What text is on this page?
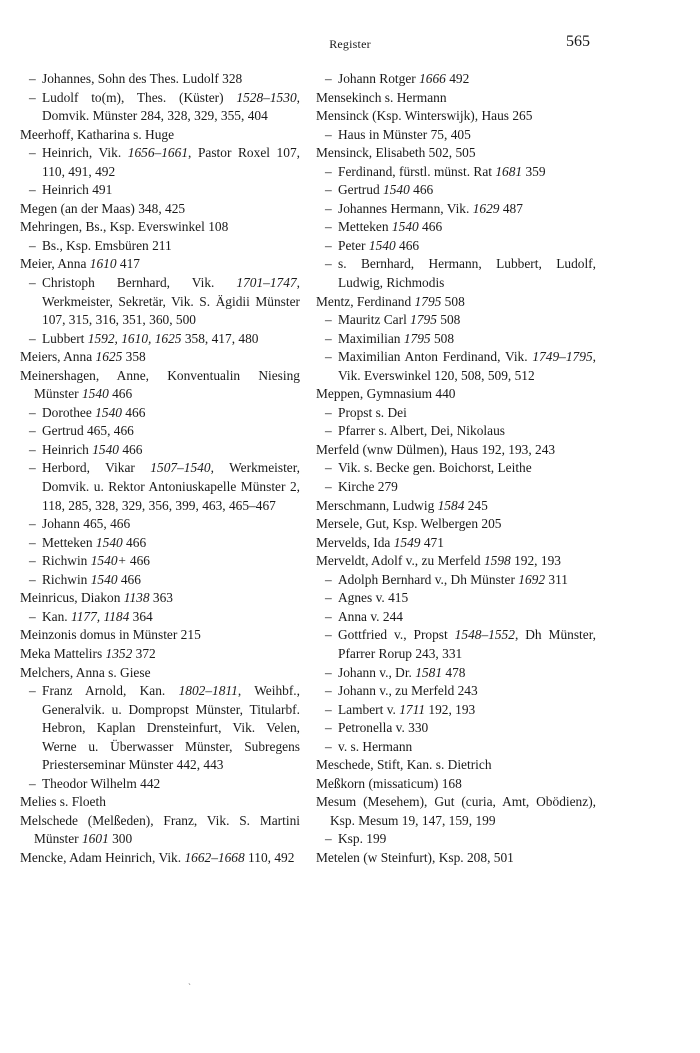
Register	565

– Johannes, Sohn des Thes. Ludolf 328

– Ludolf to(m), Thes. (Küster) 1528–1530, Domvik. Münster 284, 328, 329, 355, 404

Meerhoff, Katharina s. Huge

– Heinrich, Vik. 1656–1661, Pastor Roxel 107, 110, 491, 492

– Heinrich 491

Megen (an der Maas) 348, 425

Mehringen, Bs., Ksp. Everswinkel 108

– Bs., Ksp. Emsbüren 211

Meier, Anna 1610 417

– Christoph Bernhard, Vik. 1701–1747, Werkmeister, Sekretär, Vik. S. Ägidii Münster 107, 315, 316, 351, 360, 500

– Lubbert 1592, 1610, 1625 358, 417, 480

Meiers, Anna 1625 358

Meinershagen, Anne, Konventualin Niesing Münster 1540 466

– Dorothee 1540 466

– Gertrud 465, 466

– Heinrich 1540 466

– Herbord, Vikar 1507–1540, Werkmeister, Domvik. u. Rektor Antoniuskapelle Münster 2, 118, 285, 328, 329, 356, 399, 463, 465–467

– Johann 465, 466

– Metteken 1540 466

– Richwin 1540+ 466

– Richwin 1540 466

Meinricus, Diakon 1138 363

– Kan. 1177, 1184 364

Meinzonis domus in Münster 215

Meka Mattelirs 1352 372

Melchers, Anna s. Giese

– Franz Arnold, Kan. 1802–1811, Weihbf., Generalvik. u. Dompropst Münster, Titularbf. Hebron, Kaplan Drensteinfurt, Vik. Velen, Werne u. Überwasser Münster, Subregens Priesterseminar Münster 442, 443

– Theodor Wilhelm 442

Melies s. Floeth

Melschede (Melßeden), Franz, Vik. S. Martini Münster 1601 300

Mencke, Adam Heinrich, Vik. 1662–1668 110, 492

– Johann Rotger 1666 492

Mensekinch s. Hermann

Mensinck (Ksp. Winterswijk), Haus 265

– Haus in Münster 75, 405

Mensinck, Elisabeth 502, 505

– Ferdinand, fürstl. münst. Rat 1681 359

– Gertrud 1540 466

– Johannes Hermann, Vik. 1629 487

– Metteken 1540 466

– Peter 1540 466

– s. Bernhard, Hermann, Lubbert, Ludolf, Ludwig, Richmodis

Mentz, Ferdinand 1795 508

– Mauritz Carl 1795 508

– Maximilian 1795 508

– Maximilian Anton Ferdinand, Vik. 1749–1795, Vik. Everswinkel 120, 508, 509, 512

Meppen, Gymnasium 440

– Propst s. Dei

– Pfarrer s. Albert, Dei, Nikolaus

Merfeld (wnw Dülmen), Haus 192, 193, 243

– Vik. s. Becke gen. Boichorst, Leithe

– Kirche 279

Merschmann, Ludwig 1584 245

Mersele, Gut, Ksp. Welbergen 205

Mervelds, Ida 1549 471

Merveldt, Adolf v., zu Merfeld 1598 192, 193

– Adolph Bernhard v., Dh Münster 1692 311

– Agnes v. 415

– Anna v. 244

– Gottfried v., Propst 1548–1552, Dh Münster, Pfarrer Rorup 243, 331

– Johann v., Dr. 1581 478

– Johann v., zu Merfeld 243

– Lambert v. 1711 192, 193

– Petronella v. 330

– v. s. Hermann

Meschede, Stift, Kan. s. Dietrich

Meßkorn (missaticum) 168

Mesum (Mesehem), Gut (curia, Amt, Obödienz), Ksp. Mesum 19, 147, 159, 199

– Ksp. 199

Metelen (w Steinfurt), Ksp. 208, 501

`
